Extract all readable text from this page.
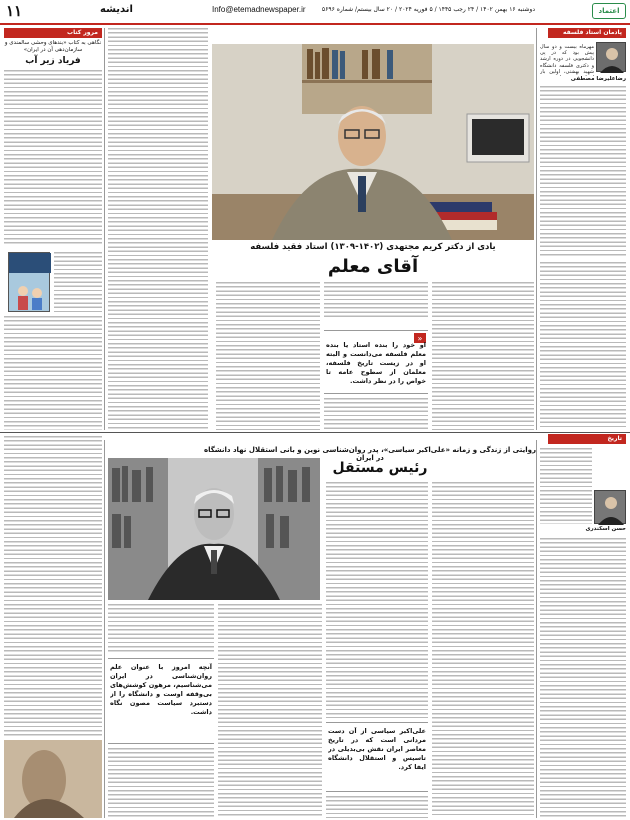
۱۱	اندیشه	Info@etemadnewspaper.ir	دوشنبه ۱۶ بهمن ۱۴۰۲ / ۲۴ رجب ۱۴۴۵ / ۵ فوریه ۲۰۲۴ / ۲۰ سال بیستم/ شماره ۵۶۹۶	اعتماد
پادمان استاد فلسفه
رضاعلیرضا مصطفی
مهرماه بیست و دو سال پیش بود که در پی دانشجویی در دوره ارشد و دکتری فلسفه دانشگاه شهید بهشتی، اولین بار
یادی از دکتر کریم مجتهدی (۱۴۰۲-۱۳۰۹) استاد فقید فلسفه
آقای معلم
»
او خود را بنده استاد یا بنده معلم فلسفه می‌دانست و البته او در زیست تاریخ فلسفه، معلمان از سطوح عامه تا خواص را در نظر داشت.
مرور کتاب
نگاهی به کتاب «بندهای وحشی سالمندی و سازمان‌دهی آن در ایران»
فریاد زیر آب
تاریخ
روایتی از زندگی و زمانه «علی‌اکبر سیاسی»، پدر روان‌شناسی نوین و بانی استقلال نهاد دانشگاه در ایران
رئیس مستقل
حسن اسکندری
علی‌اکبر سیاسی از آن دست مردانی است که در تاریخ معاصر ایران نقش بی‌بدیلی در تاسیس و استقلال دانشگاه ایفا کرد.
آنچه امروز با عنوان علم روان‌شناسی در ایران می‌شناسیم، مرهون کوشش‌های بی‌وقفه اوست و دانشگاه را از دستبرد سیاست مصون نگاه داشت.
